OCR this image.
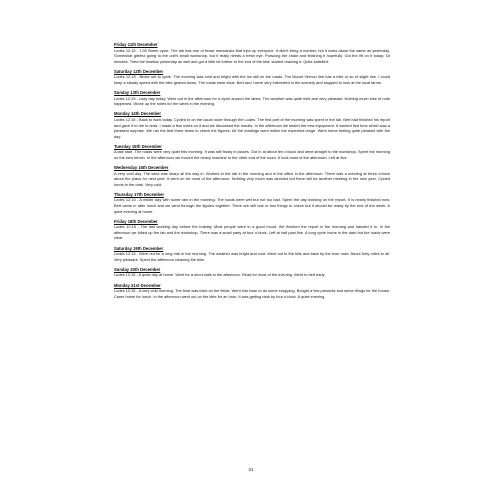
Friday 11th December

Lodes 12:15 - 1:00 Bomb cycle. The lab has one of those mechanics that trips up everyone. It didn't bring a number, but it looks about the same as yesterday. Somewhat gleeful going to the unit's small workshop, but it really needs a fresh eye. Pursuing the chain and finishing it hopefully. Got the lift on it today; 16 minutes. Tried the kinetics yesterday as well and got a little bit further to the end of the test; started drawing it. Quite satisfied.

Saturday 12th December

Lodes 12:15 - Broke out to cycle. The morning was cold and bright with the ice still on the roads. The Mount Vernon line has a mile or so of slight rise. I could keep a steady speed with the bike geared down. The roads were clear. Bert and I were very interested in the scenery and stopped to look at the local farms.

Sunday 13th December

Lodes 12:15 - Lazy day today. Went out in the afternoon for a cycle around the lanes. The weather was quite mild and very pleasant. Nothing much else of note happened. Wrote up the notes for the week in the evening.

Monday 14th December

Lodes 12:15 - Back to work today. Cycled in on the usual route through the Lodes. The first part of the morning was spent in the lab. Bert had finished his report and gave it to me to read. I made a few notes on it and we discussed the results. In the afternoon we tested the new equipment. It worked first time which was a pleasant surprise. We ran the test three times to check the figures. All the readings were within the expected range. Went home feeling quite pleased with the day.

Tuesday 15th December

A late start. The roads were very quiet this morning. It was still frosty in places. Got in at about ten o'clock and went straight to the workshop. Spent the morning on the new bench. In the afternoon we moved the heavy machine to the other end of the room. It took most of the afternoon. Left at five.

Wednesday 16th December

A very cold day. The wind was sharp all the way in. Worked in the lab in the morning and in the office in the afternoon. There was a meeting at three o'clock about the plans for next year. It went on for most of the afternoon. Nothing very much was decided but there will be another meeting in the new year. Cycled home in the dark. Very cold.

Thursday 17th December

Lodes 12:15 - A milder day with some rain in the morning. The roads were wet but not too bad. Spent the day working on the report. It is nearly finished now. Bert came in after lunch and we went through the figures together. There are still one or two things to check but it should be ready by the end of the week. A quiet evening at home.

Friday 18th December

Lodes 12:15 - The last working day before the holiday. Most people were in a good mood. We finished the report in the morning and handed it in. In the afternoon we tidied up the lab and the workshop. There was a small party at four o'clock. Left at half past five. A long cycle home in the dark but the roads were clear.

Saturday 19th December

Lodes 12:15 - Went out for a long ride in the morning. The weather was bright and cold. Went out to the hills and back by the river road. About forty miles in all. Very pleasant. Spent the afternoon cleaning the bike.

Sunday 20th December

Lodes 12:15 - A quiet day at home. Went for a short walk in the afternoon. Read for most of the evening. Went to bed early.

Monday 21st December

Lodes 12:15 - A very cold morning. The frost was thick on the fields. Went into town to do some shopping. Bought a few presents and some things for the house. Came home for lunch. In the afternoon went out on the bike for an hour. It was getting dark by four o'clock. A quiet evening.

21
